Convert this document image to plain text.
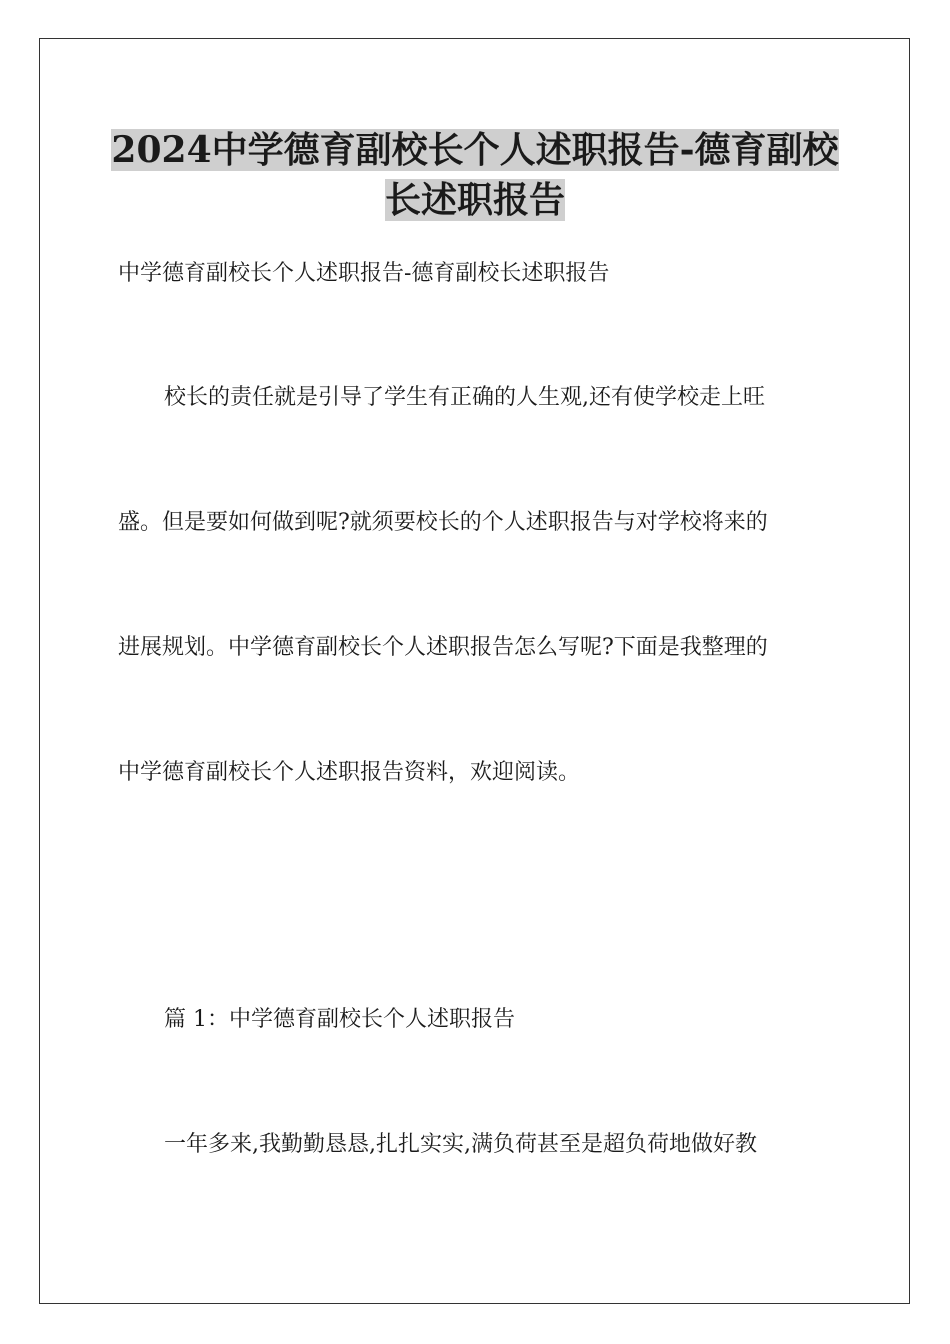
2024中学德育副校长个人述职报告-德育副校
长述职报告

中学德育副校长个人述职报告-德育副校长述职报告

校长的责任就是引导了学生有正确的人生观,还有使学校走上旺

盛。但是要如何做到呢?就须要校长的个人述职报告与对学校将来的

进展规划。中学德育副校长个人述职报告怎么写呢?下面是我整理的

中学德育副校长个人述职报告资料，欢迎阅读。

篇 1：中学德育副校长个人述职报告

一年多来,我勤勤恳恳,扎扎实实,满负荷甚至是超负荷地做好教
